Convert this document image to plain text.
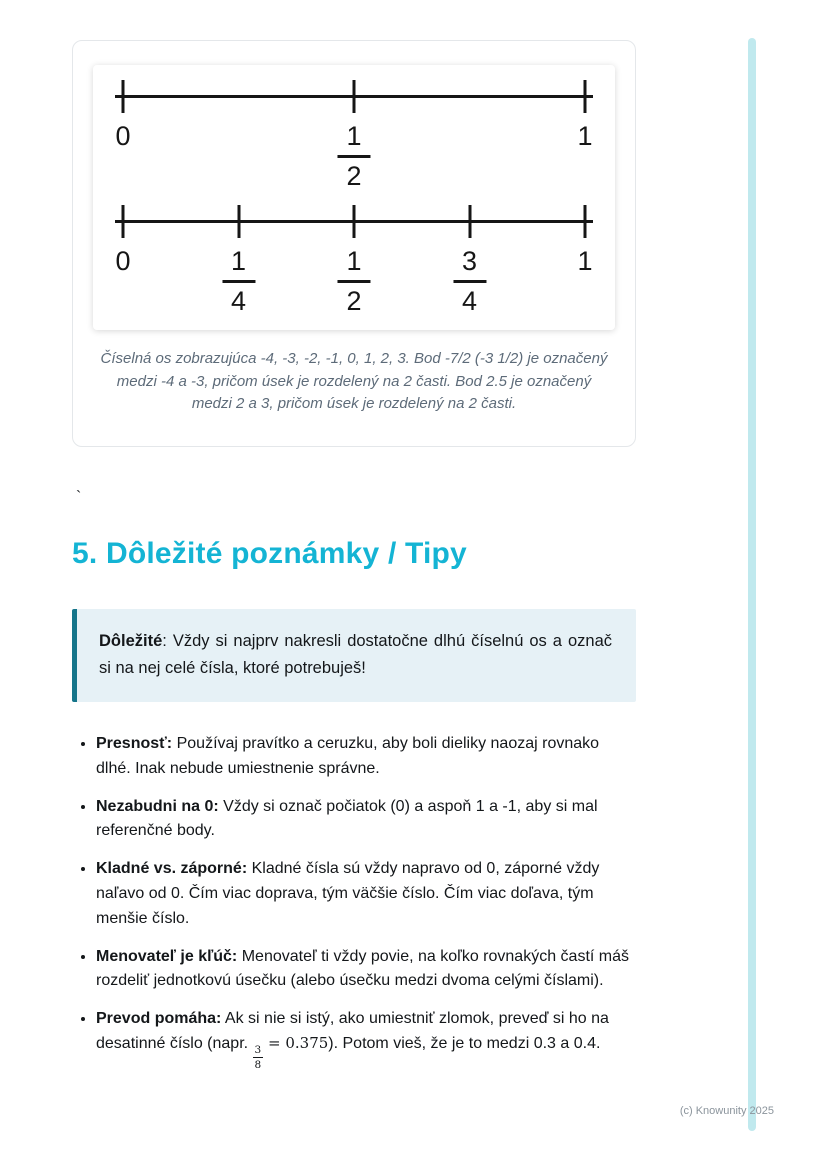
0	1
2
1
0	1
4
1
2
3
4
1

Číselná os zobrazujúca -4, -3, -2, -1, 0, 1, 2, 3. Bod -7/2 (-3 1/2) je označený medzi -4 a -3, pričom úsek je rozdelený na 2 časti. Bod 2.5 je označený medzi 2 a 3, pričom úsek je rozdelený na 2 časti.

`

5. Dôležité poznámky / Tipy
Dôležité: Vždy si najprv nakresli dostatočne dlhú číselnú os a označ si na nej celé čísla, ktoré potrebuješ!
• Presnosť: Používaj pravítko a ceruzku, aby boli dieliky naozaj rovnako dlhé. Inak nebude umiestnenie správne.
• Nezabudni na 0: Vždy si označ počiatok (0) a aspoň 1 a -1, aby si mal referenčné body.
• Kladné vs. záporné: Kladné čísla sú vždy napravo od 0, záporné vždy naľavo od 0. Čím viac doprava, tým väčšie číslo. Čím viac doľava, tým menšie číslo.
• Menovateľ je kľúč: Menovateľ ti vždy povie, na koľko rovnakých častí máš rozdeliť jednotkovú úsečku (alebo úsečku medzi dvoma celými číslami).
• Prevod pomáha: Ak si nie si istý, ako umiestniť zlomok, preveď si ho na desatinné číslo (napr.
$\frac{3}{8}$
= 0.375). Potom vieš, že je to medzi 0.3 a 0.4.
(c) Knowunity 2025
